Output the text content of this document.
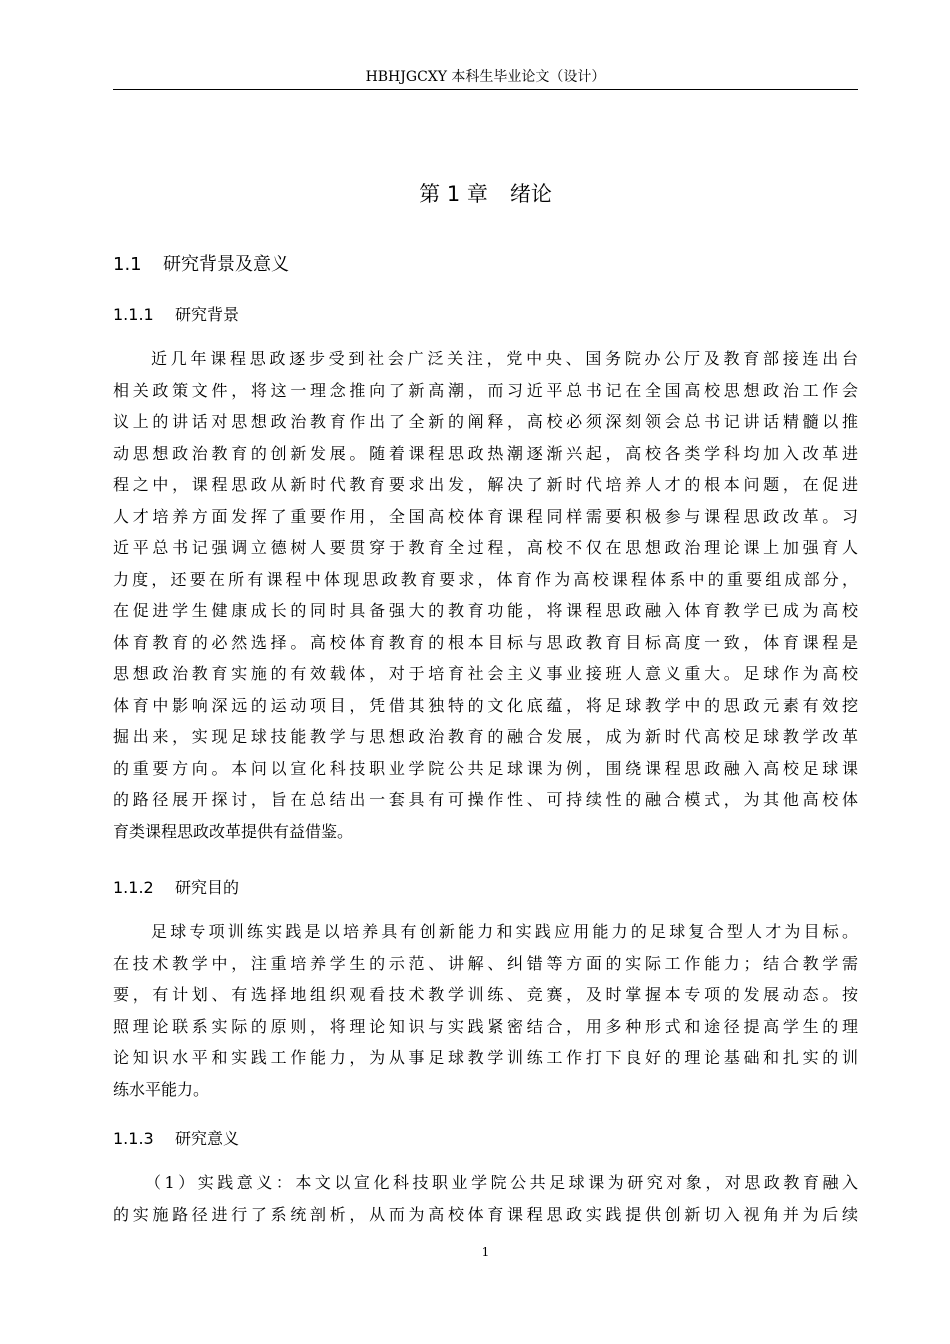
HBHJGCXY 本科生毕业论文（设计）
第 1 章 绪论
1.1 研究背景及意义
1.1.1 研究背景
近几年课程思政逐步受到社会广泛关注，党中央、国务院办公厅及教育部接连出台
相关政策文件，将这一理念推向了新高潮，而习近平总书记在全国高校思想政治工作会
议上的讲话对思想政治教育作出了全新的阐释，高校必须深刻领会总书记讲话精髓以推
动思想政治教育的创新发展。随着课程思政热潮逐渐兴起，高校各类学科均加入改革进
程之中，课程思政从新时代教育要求出发，解决了新时代培养人才的根本问题，在促进
人才培养方面发挥了重要作用，全国高校体育课程同样需要积极参与课程思政改革。习
近平总书记强调立德树人要贯穿于教育全过程，高校不仅在思想政治理论课上加强育人
力度，还要在所有课程中体现思政教育要求，体育作为高校课程体系中的重要组成部分，
在促进学生健康成长的同时具备强大的教育功能，将课程思政融入体育教学已成为高校
体育教育的必然选择。高校体育教育的根本目标与思政教育目标高度一致，体育课程是
思想政治教育实施的有效载体，对于培育社会主义事业接班人意义重大。足球作为高校
体育中影响深远的运动项目，凭借其独特的文化底蕴，将足球教学中的思政元素有效挖
掘出来，实现足球技能教学与思想政治教育的融合发展，成为新时代高校足球教学改革
的重要方向。本问以宣化科技职业学院公共足球课为例，围绕课程思政融入高校足球课
的路径展开探讨，旨在总结出一套具有可操作性、可持续性的融合模式，为其他高校体
育类课程思政改革提供有益借鉴。
1.1.2 研究目的
足球专项训练实践是以培养具有创新能力和实践应用能力的足球复合型人才为目标。
在技术教学中，注重培养学生的示范、讲解、纠错等方面的实际工作能力；结合教学需
要，有计划、有选择地组织观看技术教学训练、竞赛，及时掌握本专项的发展动态。按
照理论联系实际的原则，将理论知识与实践紧密结合，用多种形式和途径提高学生的理
论知识水平和实践工作能力，为从事足球教学训练工作打下良好的理论基础和扎实的训
练水平能力。
1.1.3 研究意义
（1）实践意义：本文以宣化科技职业学院公共足球课为研究对象，对思政教育融入
的实施路径进行了系统剖析，从而为高校体育课程思政实践提供创新切入视角并为后续
1
